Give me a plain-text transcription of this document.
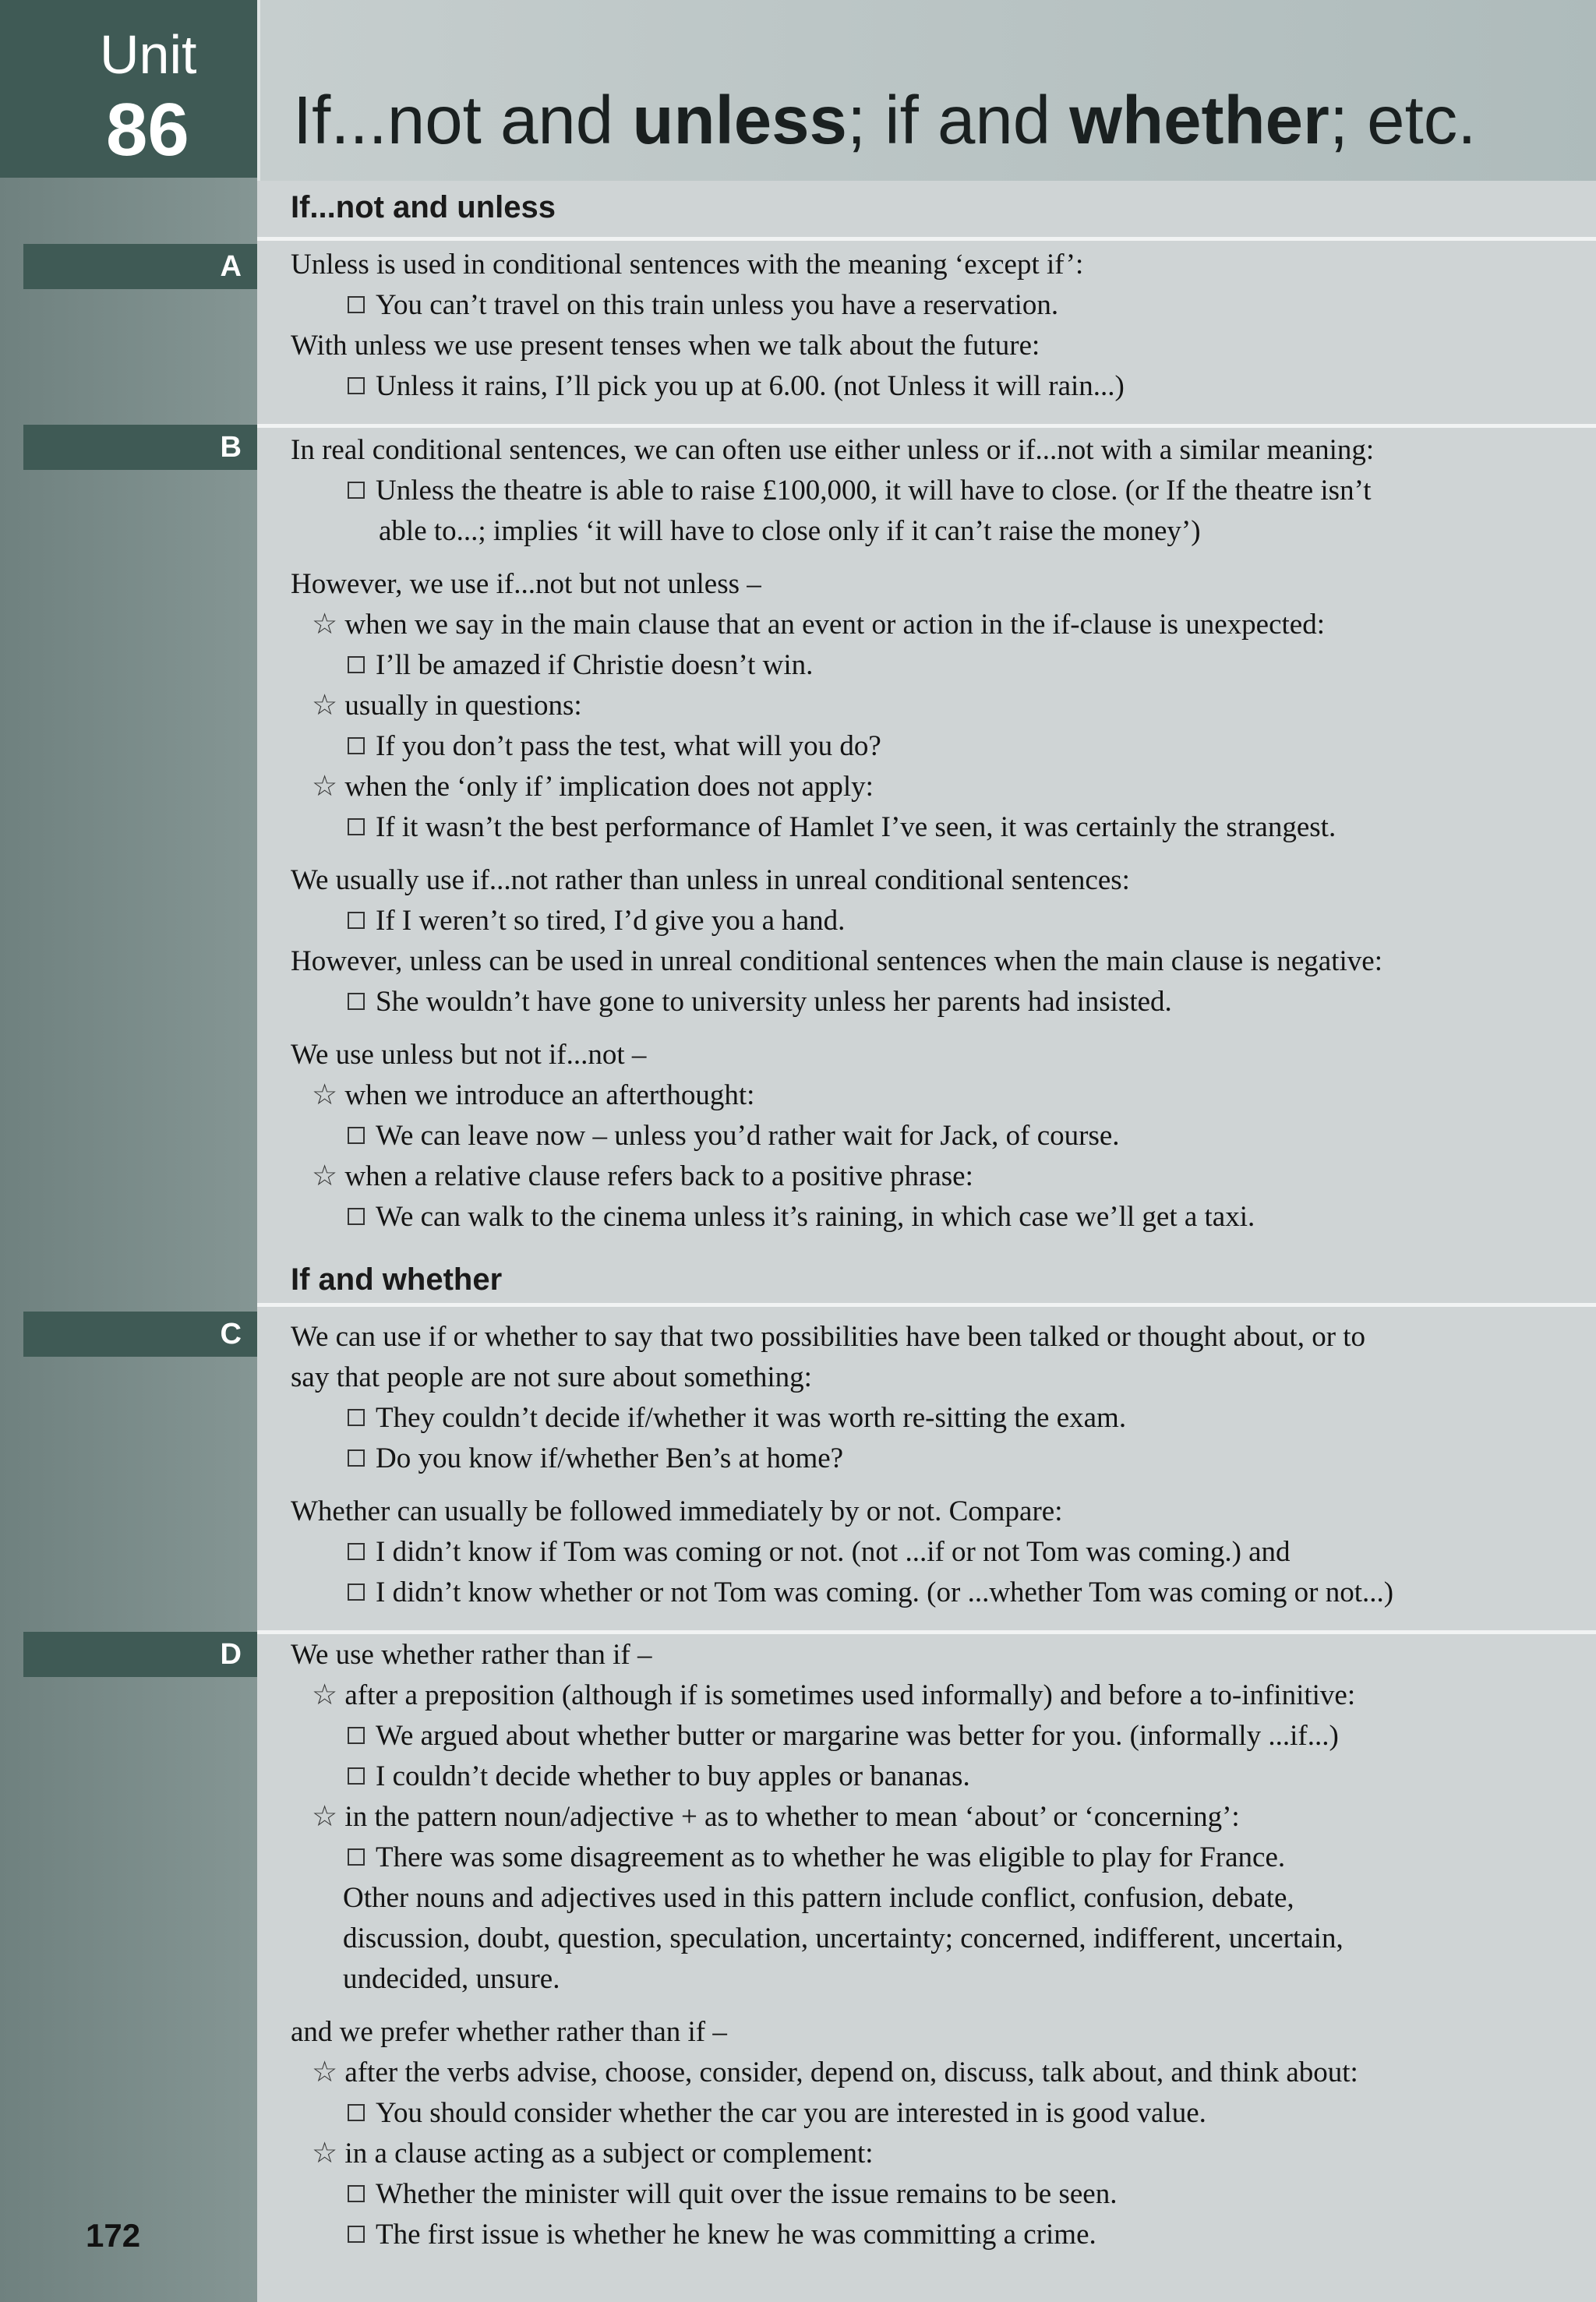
Unit
86 If...not and unless; if and whether; etc.
A
B
C
D
If...not and unless
If and whether
Unless is used in conditional sentences with the meaning ‘except if’:
You can’t travel on this train unless you have a reservation.
With unless we use present tenses when we talk about the future:
Unless it rains, I’ll pick you up at 6.00. (not Unless it will rain...)
In real conditional sentences, we can often use either unless or if...not with a similar meaning:
Unless the theatre is able to raise £100,000, it will have to close. (or If the theatre isn’t
able to...; implies ‘it will have to close only if it can’t raise the money’)
However, we use if...not but not unless –
☆ when we say in the main clause that an event or action in the if-clause is unexpected:
I’ll be amazed if Christie doesn’t win.
☆ usually in questions:
If you don’t pass the test, what will you do?
☆ when the ‘only if’ implication does not apply:
If it wasn’t the best performance of Hamlet I’ve seen, it was certainly the strangest.
We usually use if...not rather than unless in unreal conditional sentences:
If I weren’t so tired, I’d give you a hand.
However, unless can be used in unreal conditional sentences when the main clause is negative:
She wouldn’t have gone to university unless her parents had insisted.
We use unless but not if...not –
☆ when we introduce an afterthought:
We can leave now – unless you’d rather wait for Jack, of course.
☆ when a relative clause refers back to a positive phrase:
We can walk to the cinema unless it’s raining, in which case we’ll get a taxi.
We can use if or whether to say that two possibilities have been talked or thought about, or to
say that people are not sure about something:
They couldn’t decide if/whether it was worth re-sitting the exam.
Do you know if/whether Ben’s at home?
Whether can usually be followed immediately by or not. Compare:
I didn’t know if Tom was coming or not. (not ...if or not Tom was coming.) and
I didn’t know whether or not Tom was coming. (or ...whether Tom was coming or not...)
We use whether rather than if –
☆ after a preposition (although if is sometimes used informally) and before a to-infinitive:
We argued about whether butter or margarine was better for you. (informally ...if...)
I couldn’t decide whether to buy apples or bananas.
☆ in the pattern noun/adjective + as to whether to mean ‘about’ or ‘concerning’:
There was some disagreement as to whether he was eligible to play for France.
Other nouns and adjectives used in this pattern include conflict, confusion, debate,
discussion, doubt, question, speculation, uncertainty; concerned, indifferent, uncertain,
undecided, unsure.
and we prefer whether rather than if –
☆ after the verbs advise, choose, consider, depend on, discuss, talk about, and think about:
You should consider whether the car you are interested in is good value.
☆ in a clause acting as a subject or complement:
Whether the minister will quit over the issue remains to be seen.
The first issue is whether he knew he was committing a crime.
172
